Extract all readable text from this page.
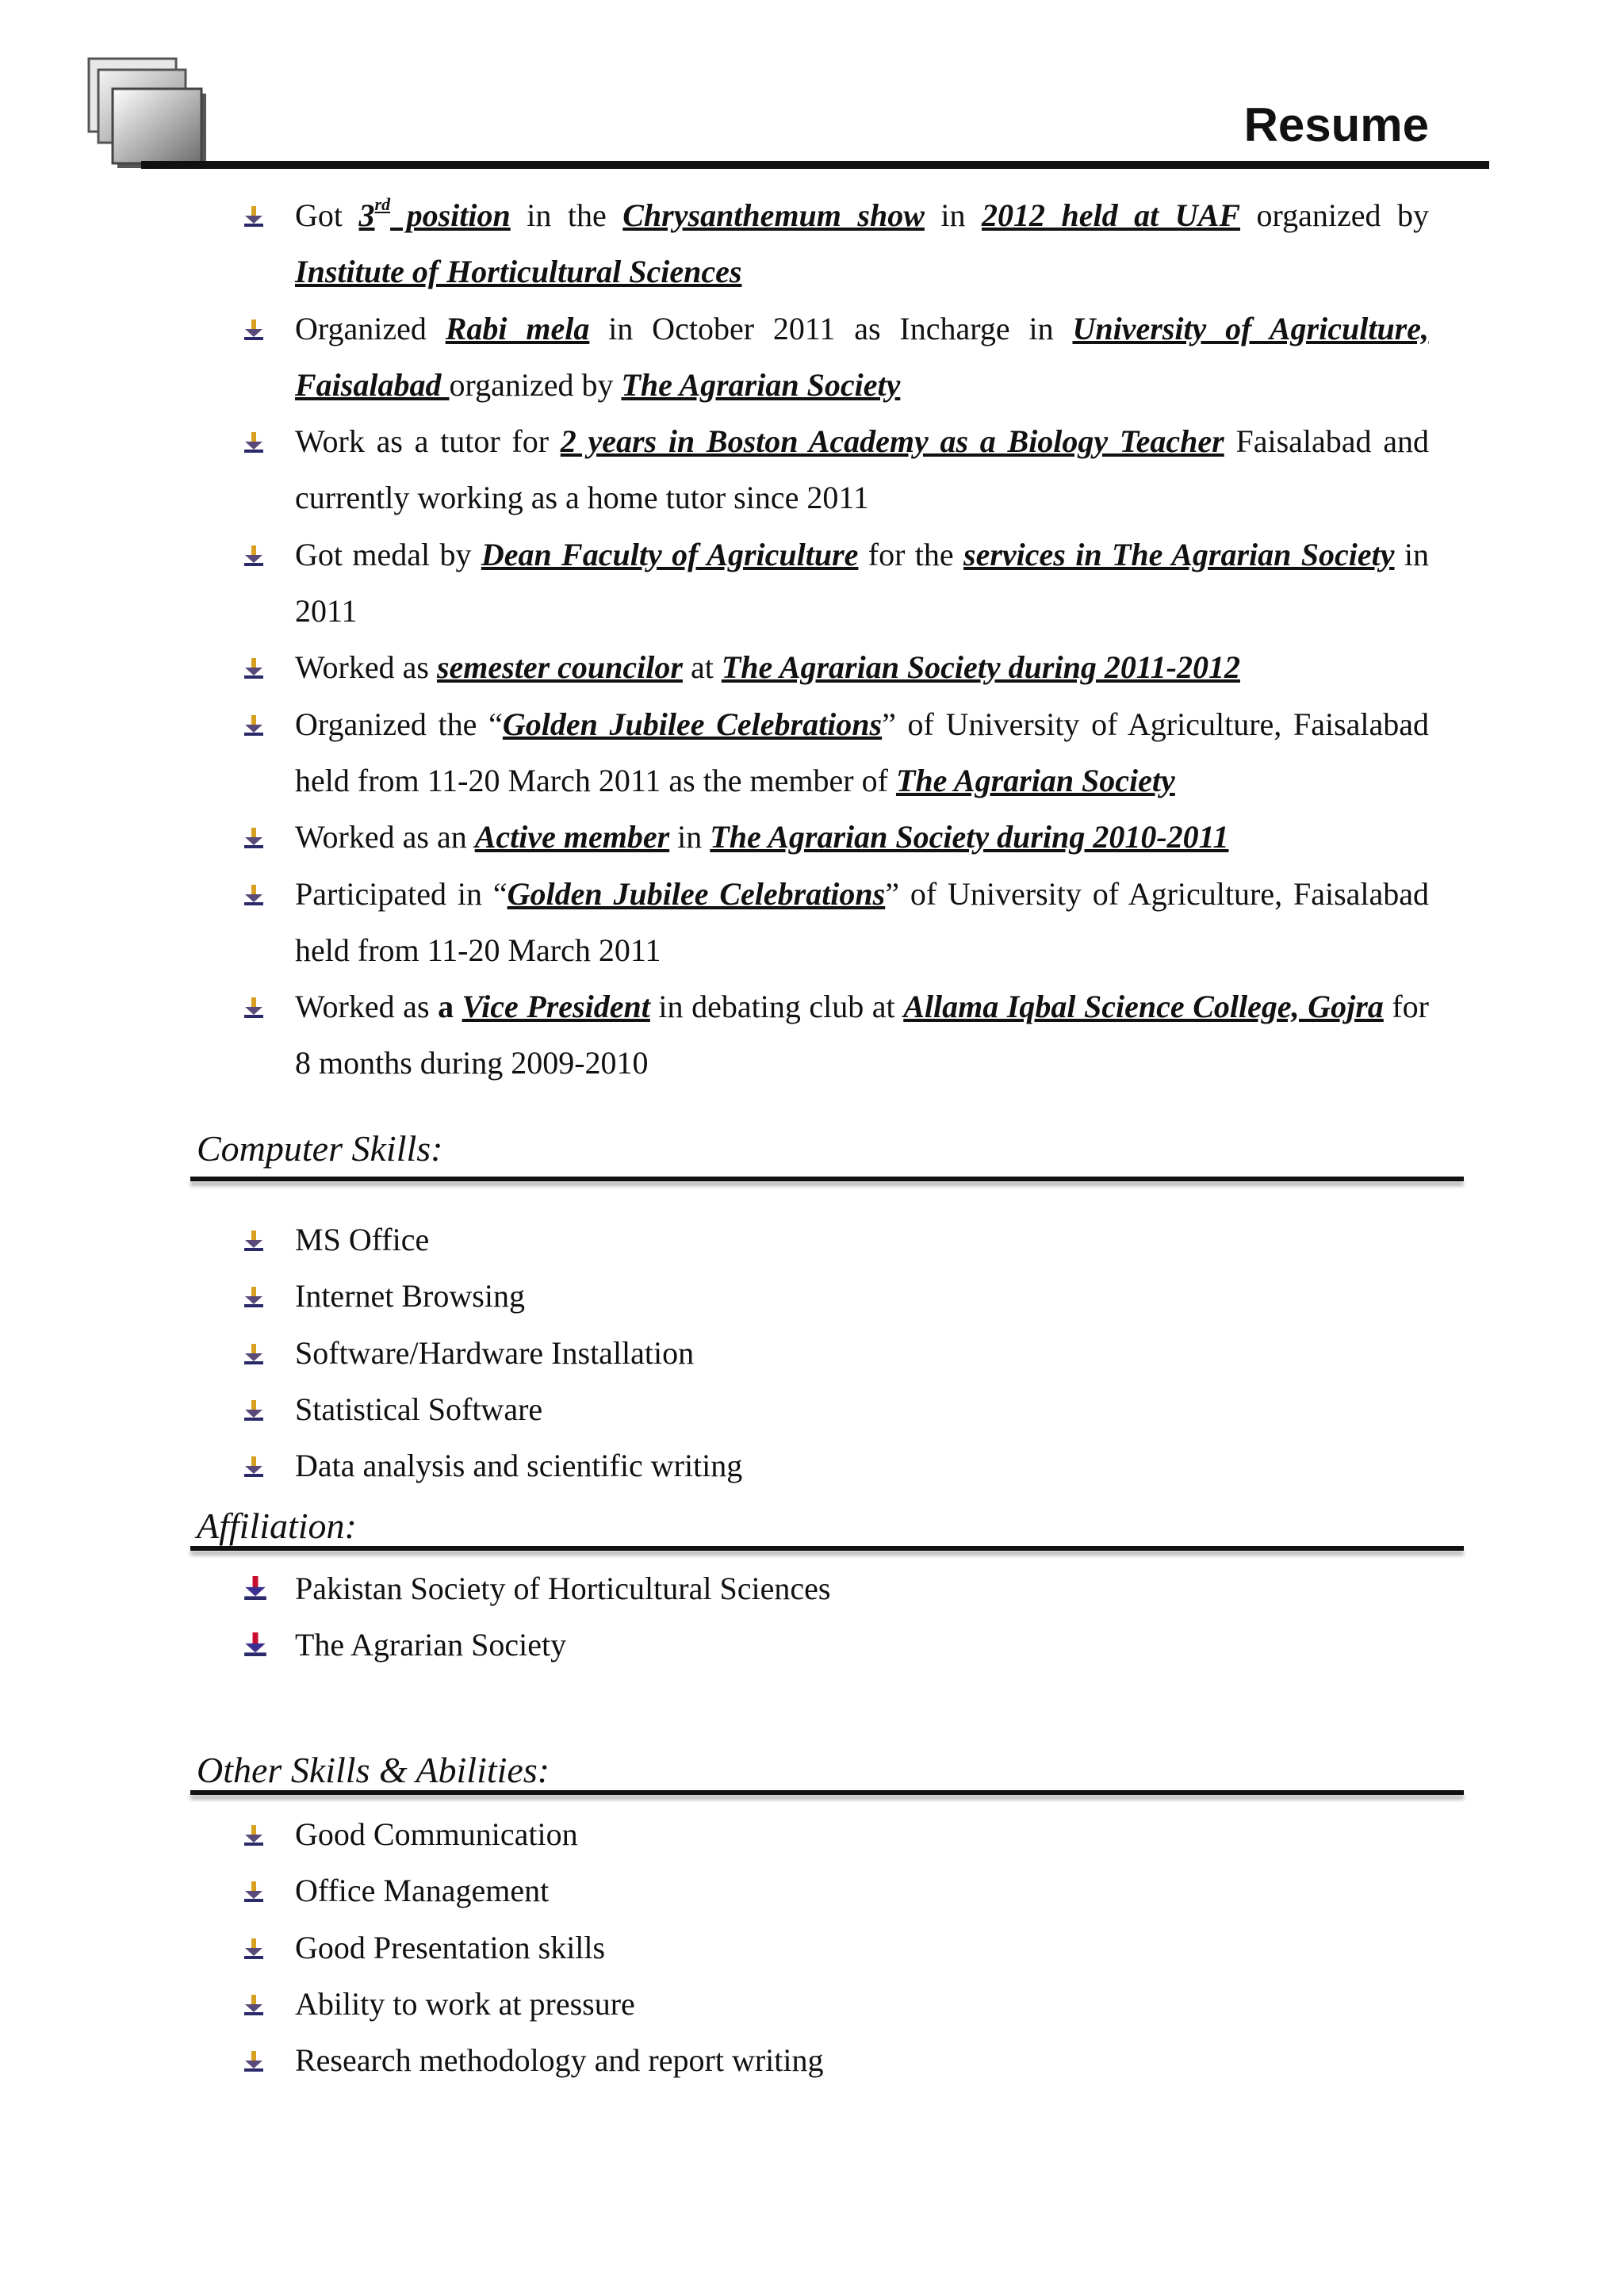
Resume
Got 3rd position in the Chrysanthemum show in 2012 held at UAF organized by Institute of Horticultural Sciences
Organized Rabi mela in October 2011 as Incharge in University of Agriculture, Faisalabad organized by The Agrarian Society
Work as a tutor for 2 years in Boston Academy as a Biology Teacher Faisalabad and currently working as a home tutor since 2011
Got medal by Dean Faculty of Agriculture for the services in The Agrarian Society in 2011
Worked as semester councilor at The Agrarian Society during 2011-2012
Organized the “Golden Jubilee Celebrations” of University of Agriculture, Faisalabad held from 11-20 March 2011 as the member of The Agrarian Society
Worked as an Active member in The Agrarian Society during 2010-2011
Participated in “Golden Jubilee Celebrations” of University of Agriculture, Faisalabad held from 11-20 March 2011
Worked as a Vice President in debating club at Allama Iqbal Science College, Gojra for 8 months during 2009-2010
Computer Skills:
MS Office
Internet Browsing
Software/Hardware Installation
Statistical Software
Data analysis and scientific writing
Affiliation:
Pakistan Society of Horticultural Sciences
The Agrarian Society
Other Skills & Abilities:
Good Communication
Office Management
Good Presentation skills
Ability to work at pressure
Research methodology and report writing
